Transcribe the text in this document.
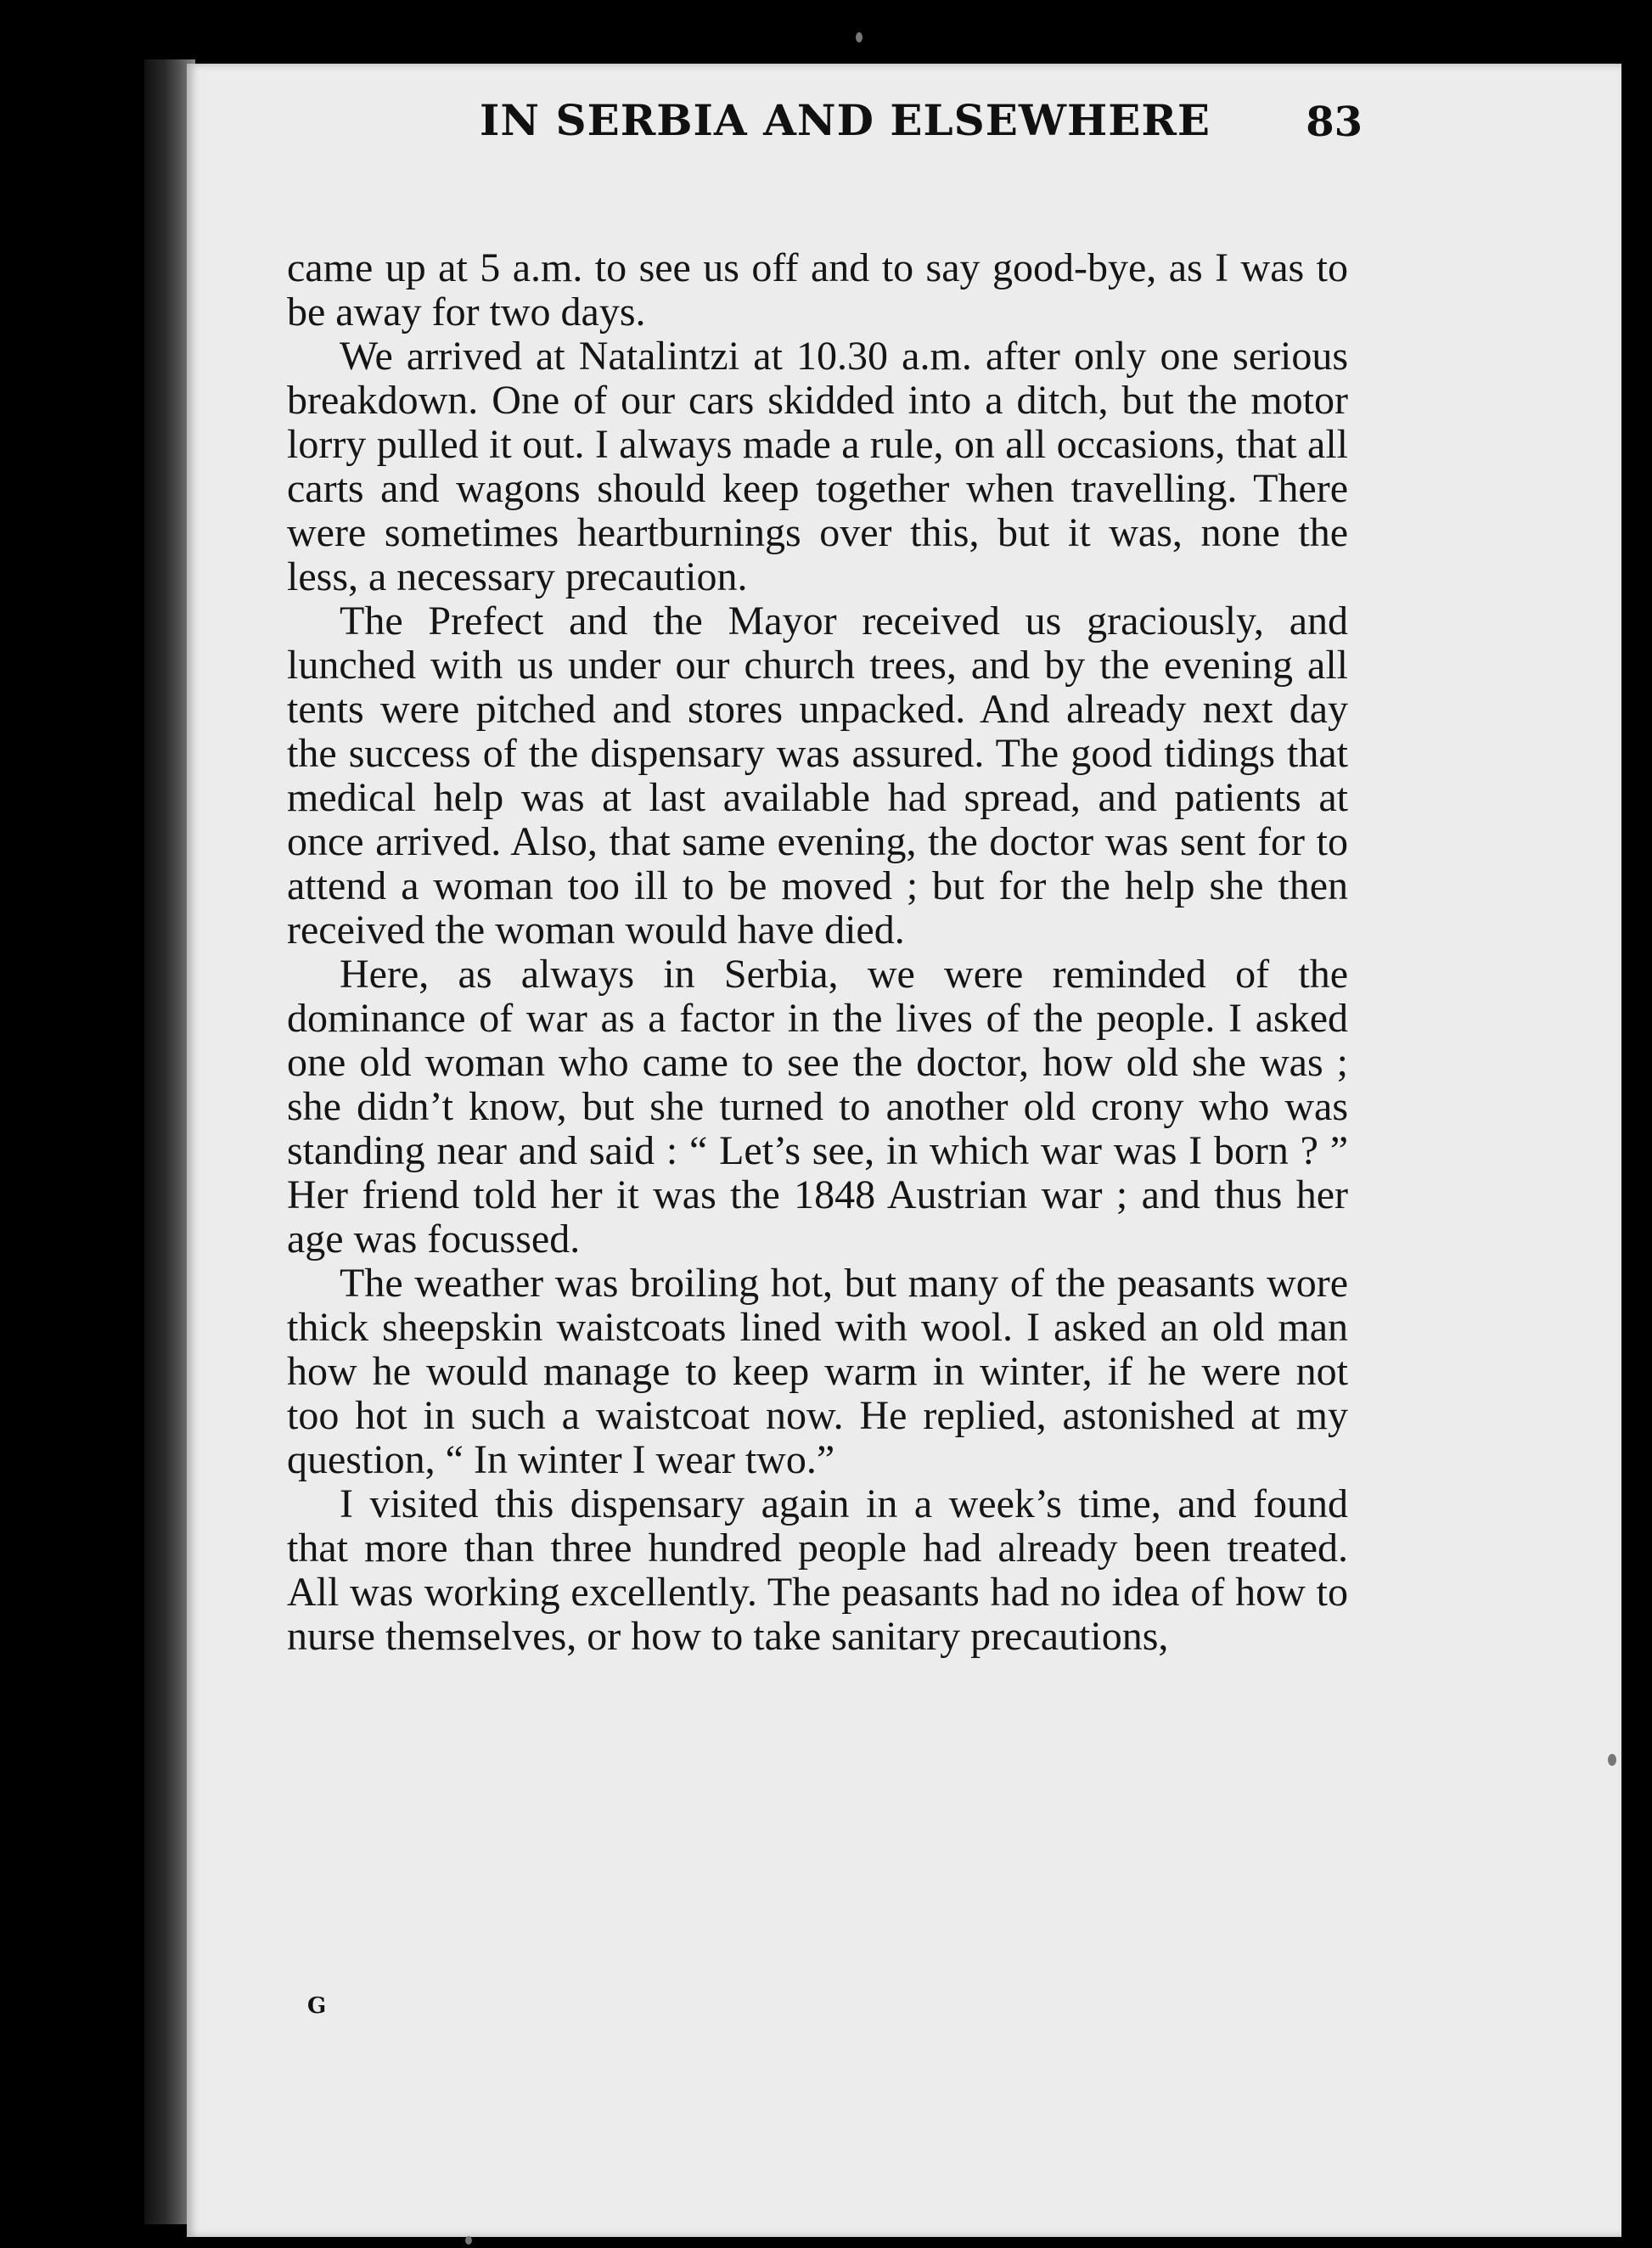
IN SERBIA AND ELSEWHERE 83

came up at 5 a.m. to see us off and to say good-bye, as I was to be away for two days.

We arrived at Natalintzi at 10.30 a.m. after only one serious breakdown. One of our cars skidded into a ditch, but the motor lorry pulled it out. I always made a rule, on all occasions, that all carts and wagons should keep together when travelling. There were sometimes heartburnings over this, but it was, none the less, a necessary precaution.

The Prefect and the Mayor received us graciously, and lunched with us under our church trees, and by the evening all tents were pitched and stores unpacked. And already next day the success of the dispensary was assured. The good tidings that medical help was at last available had spread, and patients at once arrived. Also, that same evening, the doctor was sent for to attend a woman too ill to be moved ; but for the help she then received the woman would have died.

Here, as always in Serbia, we were reminded of the dominance of war as a factor in the lives of the people. I asked one old woman who came to see the doctor, how old she was ; she didn’t know, but she turned to another old crony who was standing near and said : “ Let’s see, in which war was I born ? ” Her friend told her it was the 1848 Austrian war ; and thus her age was focussed.

The weather was broiling hot, but many of the peasants wore thick sheepskin waistcoats lined with wool. I asked an old man how he would manage to keep warm in winter, if he were not too hot in such a waistcoat now. He replied, astonished at my question, “ In winter I wear two.”

I visited this dispensary again in a week’s time, and found that more than three hundred people had already been treated. All was working excellently. The peasants had no idea of how to nurse themselves, or how to take sanitary precautions,

G
